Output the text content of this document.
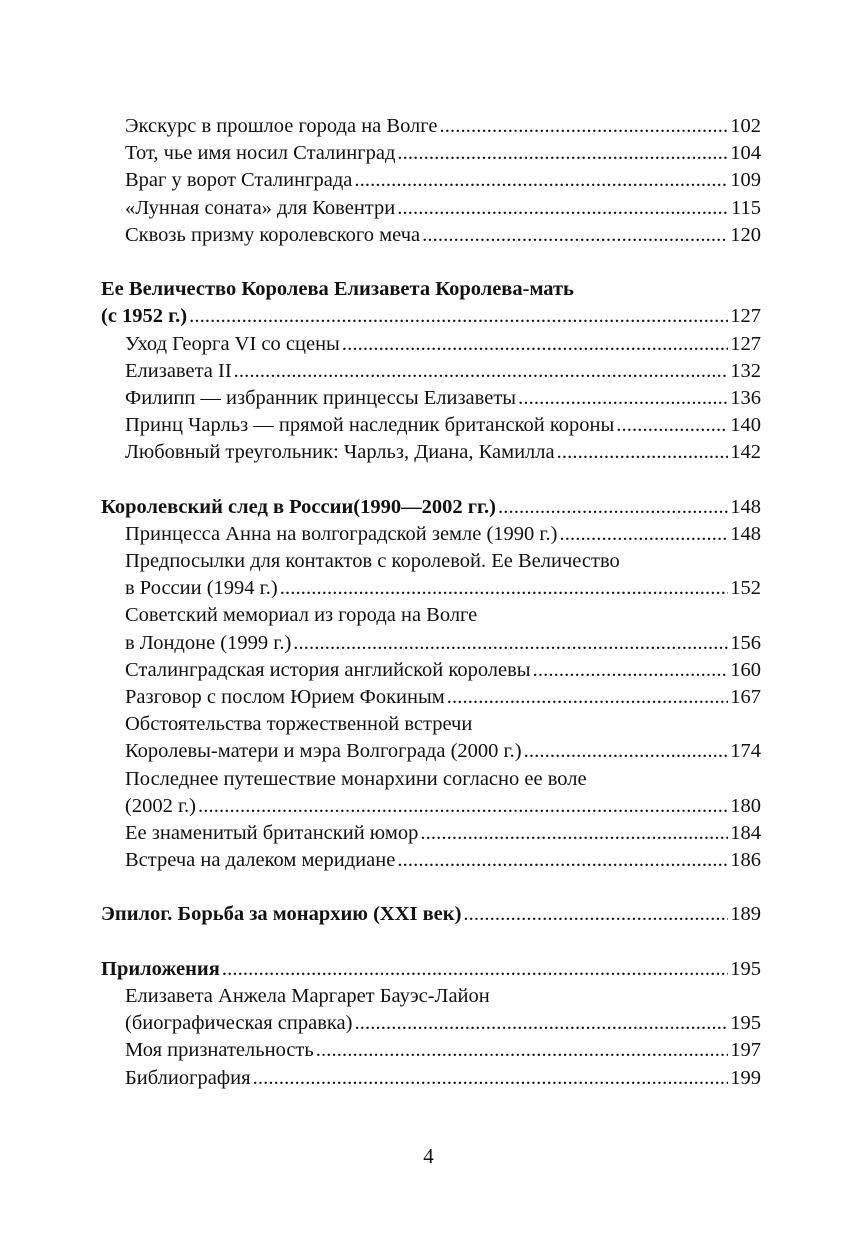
Экскурс в прошлое города на Волге . . .	102
Тот, чье имя носил Сталинград . . .	104
Враг у ворот Сталинграда . . .	109
«Лунная соната» для Ковентри . . .	115
Сквозь призму королевского меча . . .	120
Ее Величество Королева Елизавета Королева-мать
(с 1952 г.) . . .	127
Уход Георга VI со сцены . . .	127
Елизавета II . . .	132
Филипп — избранник принцессы Елизаветы . . .	136
Принц Чарльз — прямой наследник британской короны . . .	140
Любовный треугольник: Чарльз, Диана, Камилла . . .	142
Королевский след в России(1990—2002 гг.) . . .	148
Принцесса Анна на волгоградской земле (1990 г.) . . .	148
Предпосылки для контактов с королевой. Ее Величество
в России (1994 г.) . . .	152
Советский мемориал из города на Волге
в Лондоне (1999 г.) . . .	156
Сталинградская история английской королевы . . .	160
Разговор с послом Юрием Фокиным . . .	167
Обстоятельства торжественной встречи
Королевы-матери и мэра Волгограда (2000 г.) . . .	174
Последнее путешествие монархини согласно ее воле
(2002 г.) . . .	180
Ее знаменитый британский юмор . . .	184
Встреча на далеком меридиане . . .	186
Эпилог. Борьба за монархию (XXI век) . . .	189
Приложения . . .	195
Елизавета Анжела Маргарет Бауэс-Лайон
(биографическая справка) . . .	195
Моя признательность . . .	197
Библиография . . .	199
4
